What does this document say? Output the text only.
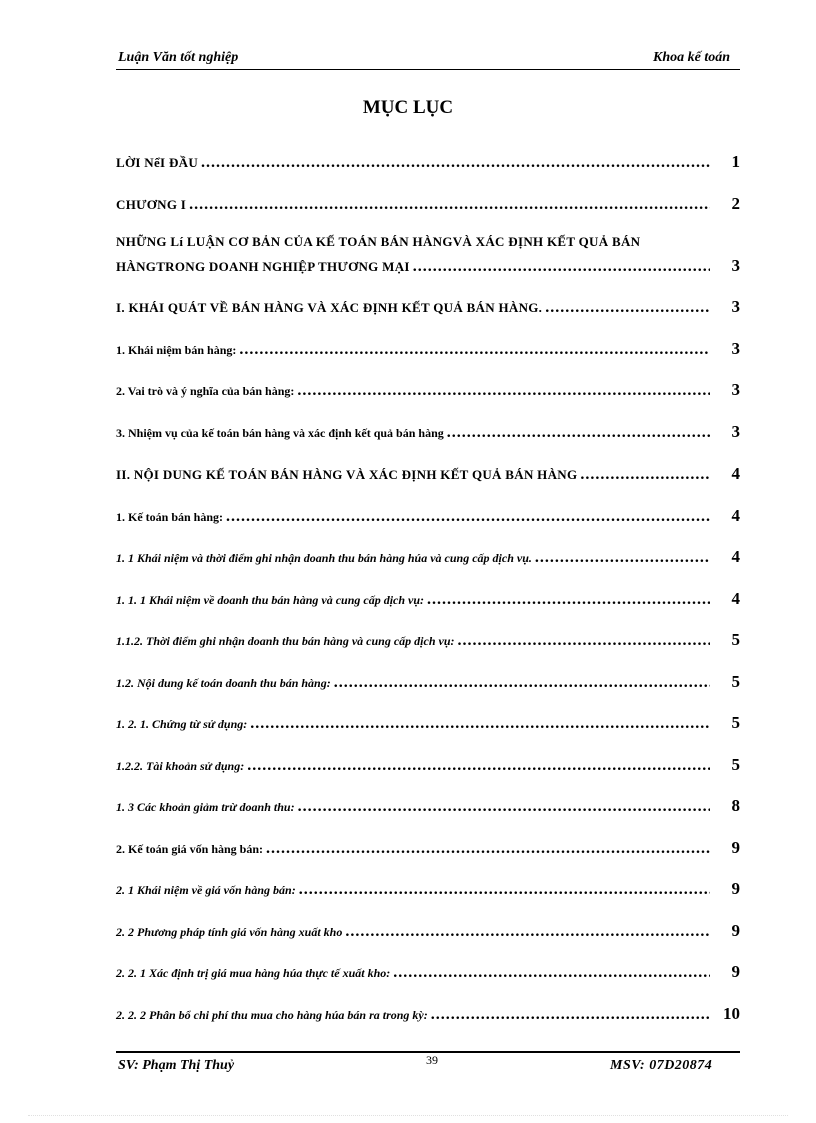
Luận Văn tốt nghiệp	Khoa kế toán
MỤC LỤC
LỜI NểI ĐẦU .....	1
CHƯƠNG I .....	2
NHỮNG Lí LUẬN CƠ BẢN CỦA KẾ TOÁN BÁN HÀNGVÀ XÁC ĐỊNH KẾT QUẢ BÁN
HÀNGTRONG DOANH NGHIỆP THƯƠNG MẠI .....	3
I. KHÁI QUÁT VỀ BÁN HÀNG VÀ XÁC ĐỊNH KẾT QUẢ BÁN HÀNG. .....	3
1. Khái niệm bán hàng: .....	3
2. Vai trò và ý nghĩa của bán hàng: .....	3
3. Nhiệm vụ của kế toán bán hàng và xác định kết quả bán hàng .....	3
II. NỘI DUNG KẾ TOÁN BÁN HÀNG VÀ XÁC ĐỊNH KẾT QUẢ BÁN HÀNG .....	4
1. Kế toán bán hàng: .....	4
1. 1 Khái niệm và thời điểm ghi nhận doanh thu bán hàng húa và cung cấp dịch vụ. .....	4
1. 1. 1 Khái niệm về doanh thu bán hàng và cung cấp dịch vụ: .....	4
1.1.2. Thời điểm ghi nhận doanh thu bán hàng và cung cấp dịch vụ: .....	5
1.2. Nội dung kế toán doanh thu bán hàng: .....	5
1. 2. 1. Chứng từ sử dụng: .....	5
1.2.2. Tài khoản sử dụng: .....	5
1. 3 Các khoản giảm trừ doanh thu: .....	8
2. Kế toán giá vốn hàng bán: .....	9
2. 1 Khái niệm về giá vốn hàng bán: .....	9
2. 2 Phương pháp tính giá vốn hàng xuất kho .....	9
2. 2. 1 Xác định trị giá mua hàng húa thực tế xuất kho: .....	9
2. 2. 2 Phân bổ chi phí thu mua cho hàng húa bán ra trong kỳ: .....	10
SV: Phạm Thị Thuỷ	39	MSV: 07D20874
